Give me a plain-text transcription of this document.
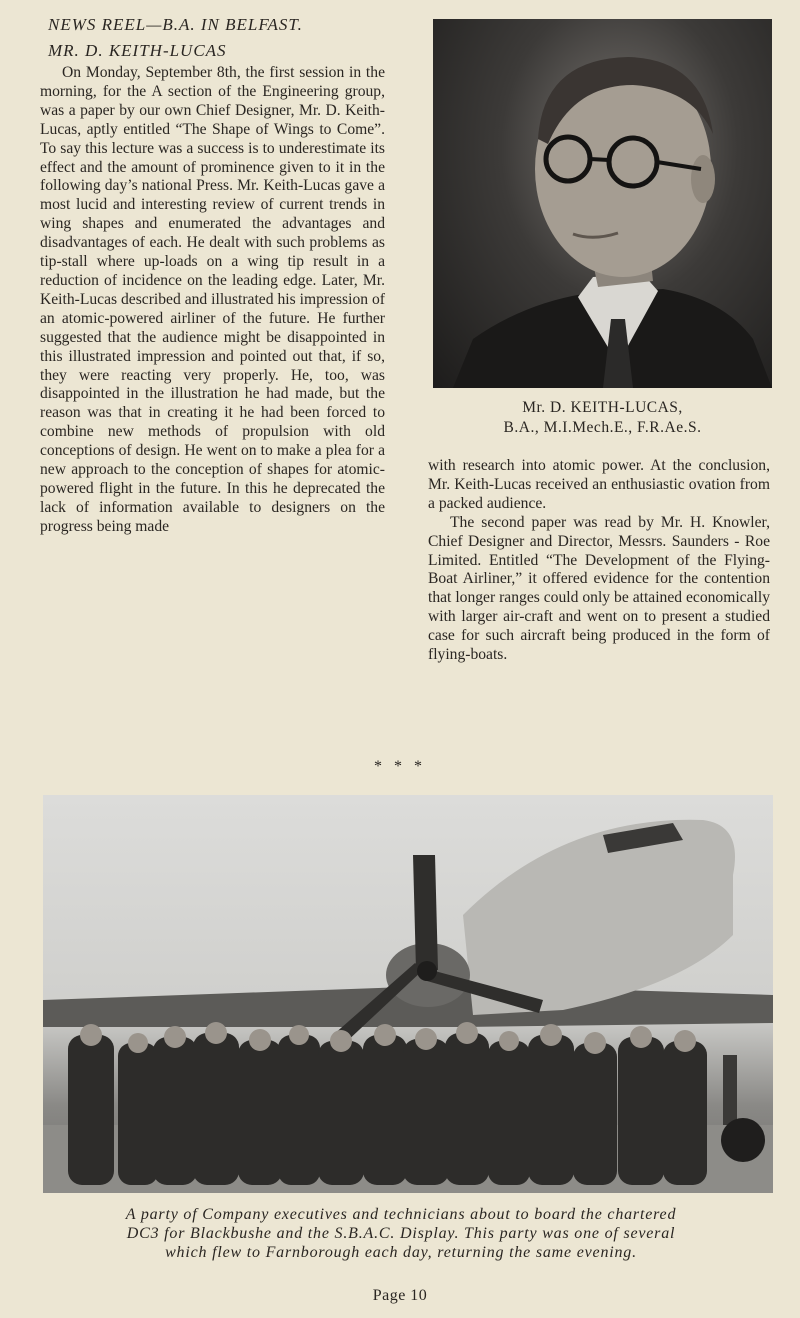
NEWS REEL—B.A. IN BELFAST.
MR. D. KEITH-LUCAS

On Monday, September 8th, the first session in the morning, for the A section of the Engineering group, was a paper by our own Chief Designer, Mr. D. Keith-Lucas, aptly entitled “The Shape of Wings to Come”. To say this lecture was a success is to underestimate its effect and the amount of prominence given to it in the following day’s national Press. Mr. Keith-Lucas gave a most lucid and interesting review of current trends in wing shapes and enumerated the advantages and disadvantages of each. He dealt with such problems as tip-stall where up-loads on a wing tip result in a reduction of incidence on the leading edge. Later, Mr. Keith-Lucas described and illustrated his impression of an atomic-powered airliner of the future. He further suggested that the audience might be disappointed in this illustrated impression and pointed out that, if so, they were reacting very properly. He, too, was disappointed in the illustration he had made, but the reason was that in creating it he had been forced to combine new methods of propulsion with old conceptions of design. He went on to make a plea for a new approach to the conception of shapes for atomic-powered flight in the future. In this he deprecated the lack of information available to designers on the progress being made

Mr. D. KEITH-LUCAS,
B.A., M.I.Mech.E., F.R.Ae.S.

with research into atomic power. At the conclusion, Mr. Keith-Lucas received an enthusiastic ovation from a packed audience.

The second paper was read by Mr. H. Knowler, Chief Designer and Director, Messrs. Saunders - Roe Limited. Entitled “The Development of the Flying-Boat Airliner,” it offered evidence for the contention that longer ranges could only be attained economically with larger air-craft and went on to present a studied case for such aircraft being produced in the form of flying-boats.

* * *
A party of Company executives and technicians about to board the chartered
DC3 for Blackbushe and the S.B.A.C. Display. This party was one of several
which flew to Farnborough each day, returning the same evening.
Page 10
